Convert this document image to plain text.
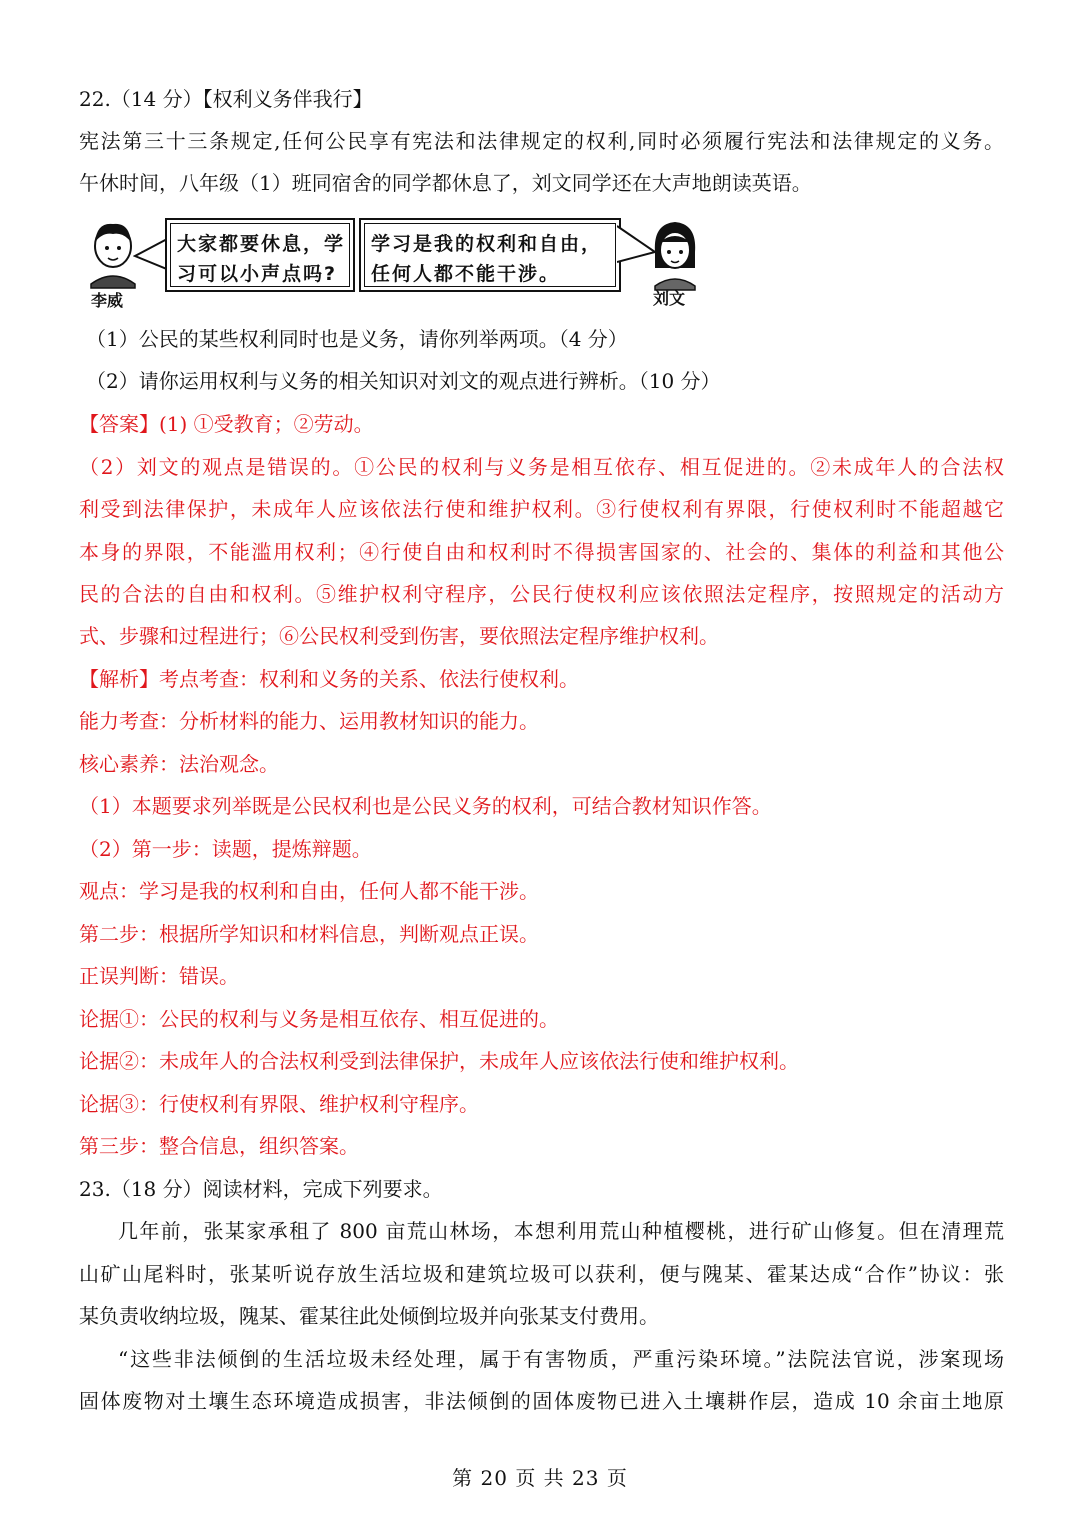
22.（14 分）【权利义务伴我行】
宪法第三十三条规定,任何公民享有宪法和法律规定的权利,同时必须履行宪法和法律规定的义务。
午休时间，八年级（1）班同宿舍的同学都休息了，刘文同学还在大声地朗读英语。
李威
大家都要休息，学习可以小声点吗?
学习是我的权利和自由，任何人都不能干涉。
刘文
（1）公民的某些权利同时也是义务，请你列举两项。（4 分）
（2）请你运用权利与义务的相关知识对刘文的观点进行辨析。（10 分）
【答案】(1) ①受教育；②劳动。
（2）刘文的观点是错误的。①公民的权利与义务是相互依存、相互促进的。②未成年人的合法权
利受到法律保护，未成年人应该依法行使和维护权利。③行使权利有界限，行使权利时不能超越它
本身的界限，不能滥用权利；④行使自由和权利时不得损害国家的、社会的、集体的利益和其他公
民的合法的自由和权利。⑤维护权利守程序，公民行使权利应该依照法定程序，按照规定的活动方
式、步骤和过程进行；⑥公民权利受到伤害，要依照法定程序维护权利。
【解析】考点考查：权利和义务的关系、依法行使权利。
能力考查：分析材料的能力、运用教材知识的能力。
核心素养：法治观念。
（1）本题要求列举既是公民权利也是公民义务的权利，可结合教材知识作答。
（2）第一步：读题，提炼辩题。
观点：学习是我的权利和自由，任何人都不能干涉。
第二步：根据所学知识和材料信息，判断观点正误。
正误判断：错误。
论据①：公民的权利与义务是相互依存、相互促进的。
论据②：未成年人的合法权利受到法律保护，未成年人应该依法行使和维护权利。
论据③：行使权利有界限、维护权利守程序。
第三步：整合信息，组织答案。
23.（18 分）阅读材料，完成下列要求。
几年前，张某家承租了 800 亩荒山林场，本想利用荒山种植樱桃，进行矿山修复。但在清理荒
山矿山尾料时，张某听说存放生活垃圾和建筑垃圾可以获利，便与隗某、霍某达成“合作”协议：张
某负责收纳垃圾，隗某、霍某往此处倾倒垃圾并向张某支付费用。
“这些非法倾倒的生活垃圾未经处理，属于有害物质，严重污染环境。”法院法官说，涉案现场
固体废物对土壤生态环境造成损害，非法倾倒的固体废物已进入土壤耕作层，造成 10 余亩土地原
第 20 页 共 23 页
